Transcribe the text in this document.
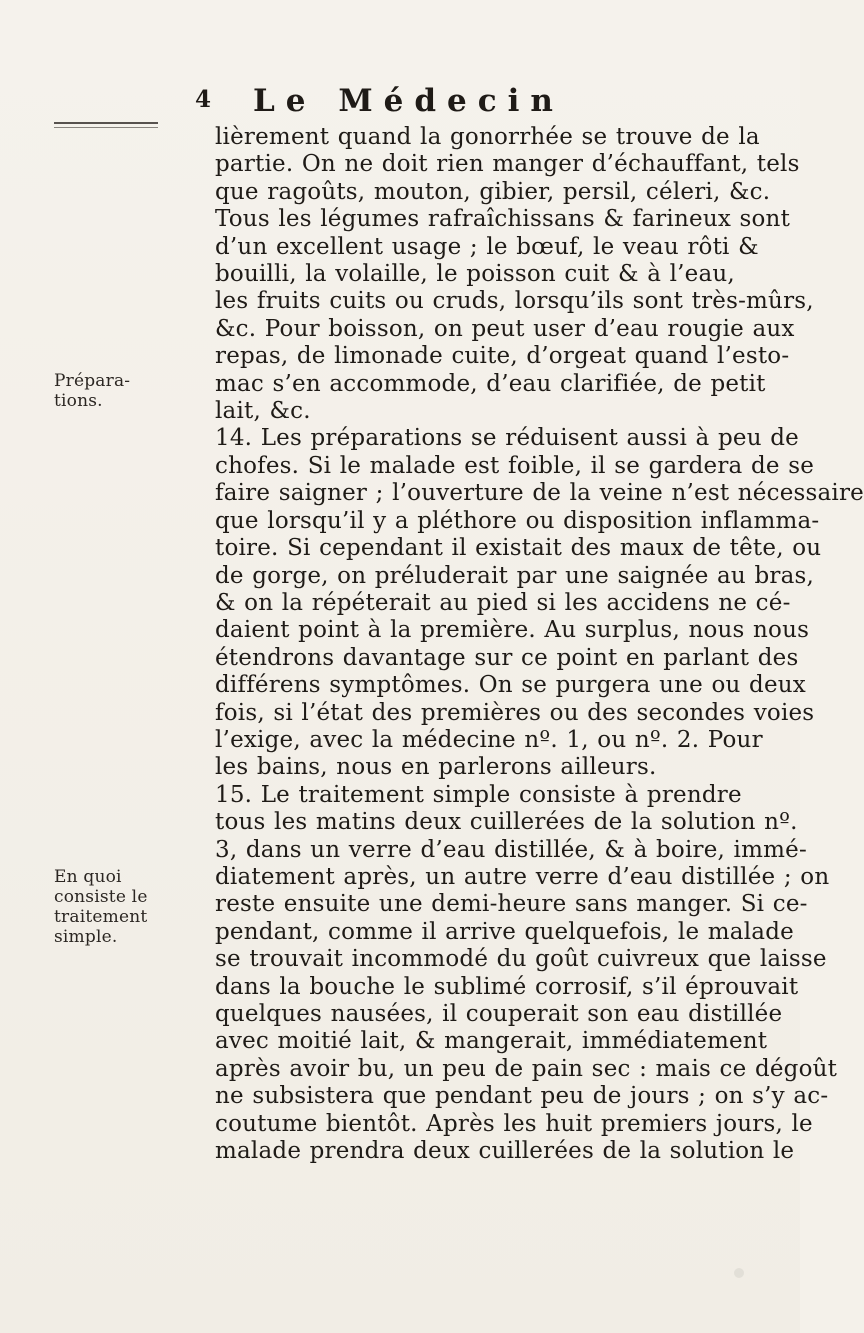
4 Le Médecin
Prépara-
tions.
En quoi
consiste le
traitement
simple.
lièrement quand la gonorrhée se trouve de la
partie. On ne doit rien manger d’échauffant, tels
que ragoûts, mouton, gibier, persil, céleri, &c.
Tous les légumes rafraîchissans & farineux sont
d’un excellent usage ; le bœuf, le veau rôti &
bouilli, la volaille, le poisson cuit & à l’eau,
les fruits cuits ou cruds, lorsqu’ils sont très-mûrs,
&c. Pour boisson, on peut user d’eau rougie aux
repas, de limonade cuite, d’orgeat quand l’esto-
mac s’en accommode, d’eau clarifiée, de petit
lait, &c.
14. Les préparations se réduisent aussi à peu de
chofes. Si le malade est foible, il se gardera de se
faire saigner ; l’ouverture de la veine n’est nécessaire
que lorsqu’il y a pléthore ou disposition inflamma-
toire. Si cependant il existait des maux de tête, ou
de gorge, on préluderait par une saignée au bras,
& on la répéterait au pied si les accidens ne cé-
daient point à la première. Au surplus, nous nous
étendrons davantage sur ce point en parlant des
différens symptômes. On se purgera une ou deux
fois, si l’état des premières ou des secondes voies
l’exige, avec la médecine nº. 1, ou nº. 2. Pour
les bains, nous en parlerons ailleurs.
15. Le traitement simple consiste à prendre
tous les matins deux cuillerées de la solution nº.
3, dans un verre d’eau distillée, & à boire, immé-
diatement après, un autre verre d’eau distillée ; on
reste ensuite une demi-heure sans manger. Si ce-
pendant, comme il arrive quelquefois, le malade
se trouvait incommodé du goût cuivreux que laisse
dans la bouche le sublimé corrosif, s’il éprouvait
quelques nausées, il couperait son eau distillée
avec moitié lait, & mangerait, immédiatement
après avoir bu, un peu de pain sec : mais ce dégoût
ne subsistera que pendant peu de jours ; on s’y ac-
coutume bientôt. Après les huit premiers jours, le
malade prendra deux cuillerées de la solution le
